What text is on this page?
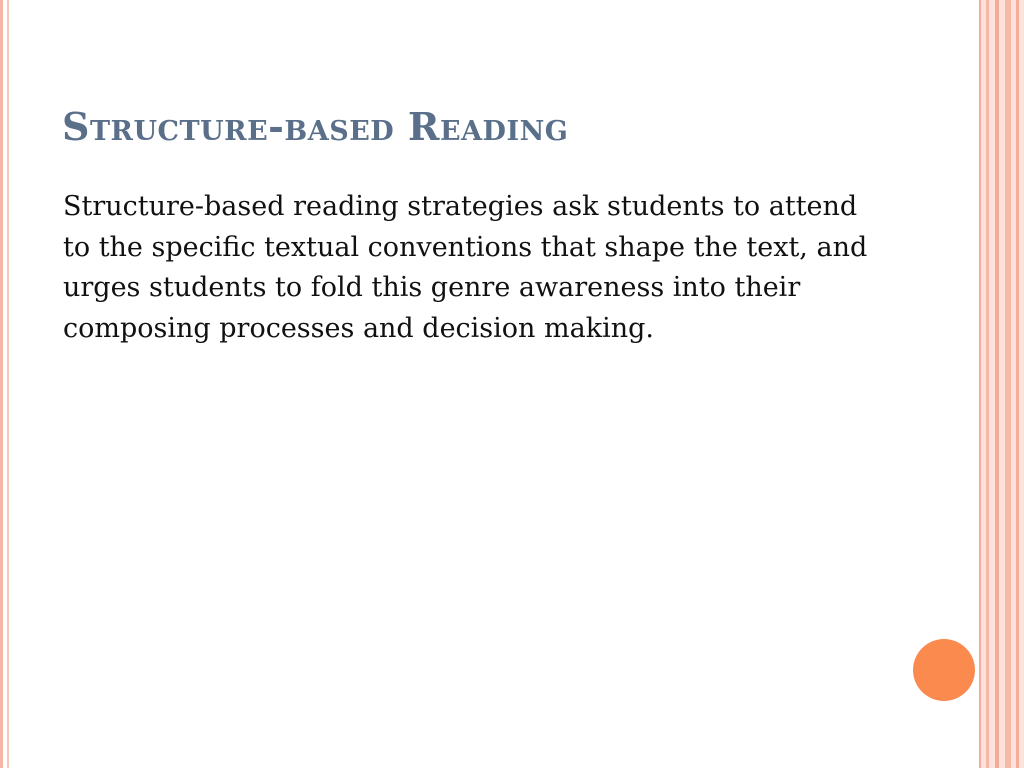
Structure-based Reading

Structure-based reading strategies ask students to attend to the specific textual conventions that shape the text, and urges students to fold this genre awareness into their composing processes and decision making.
